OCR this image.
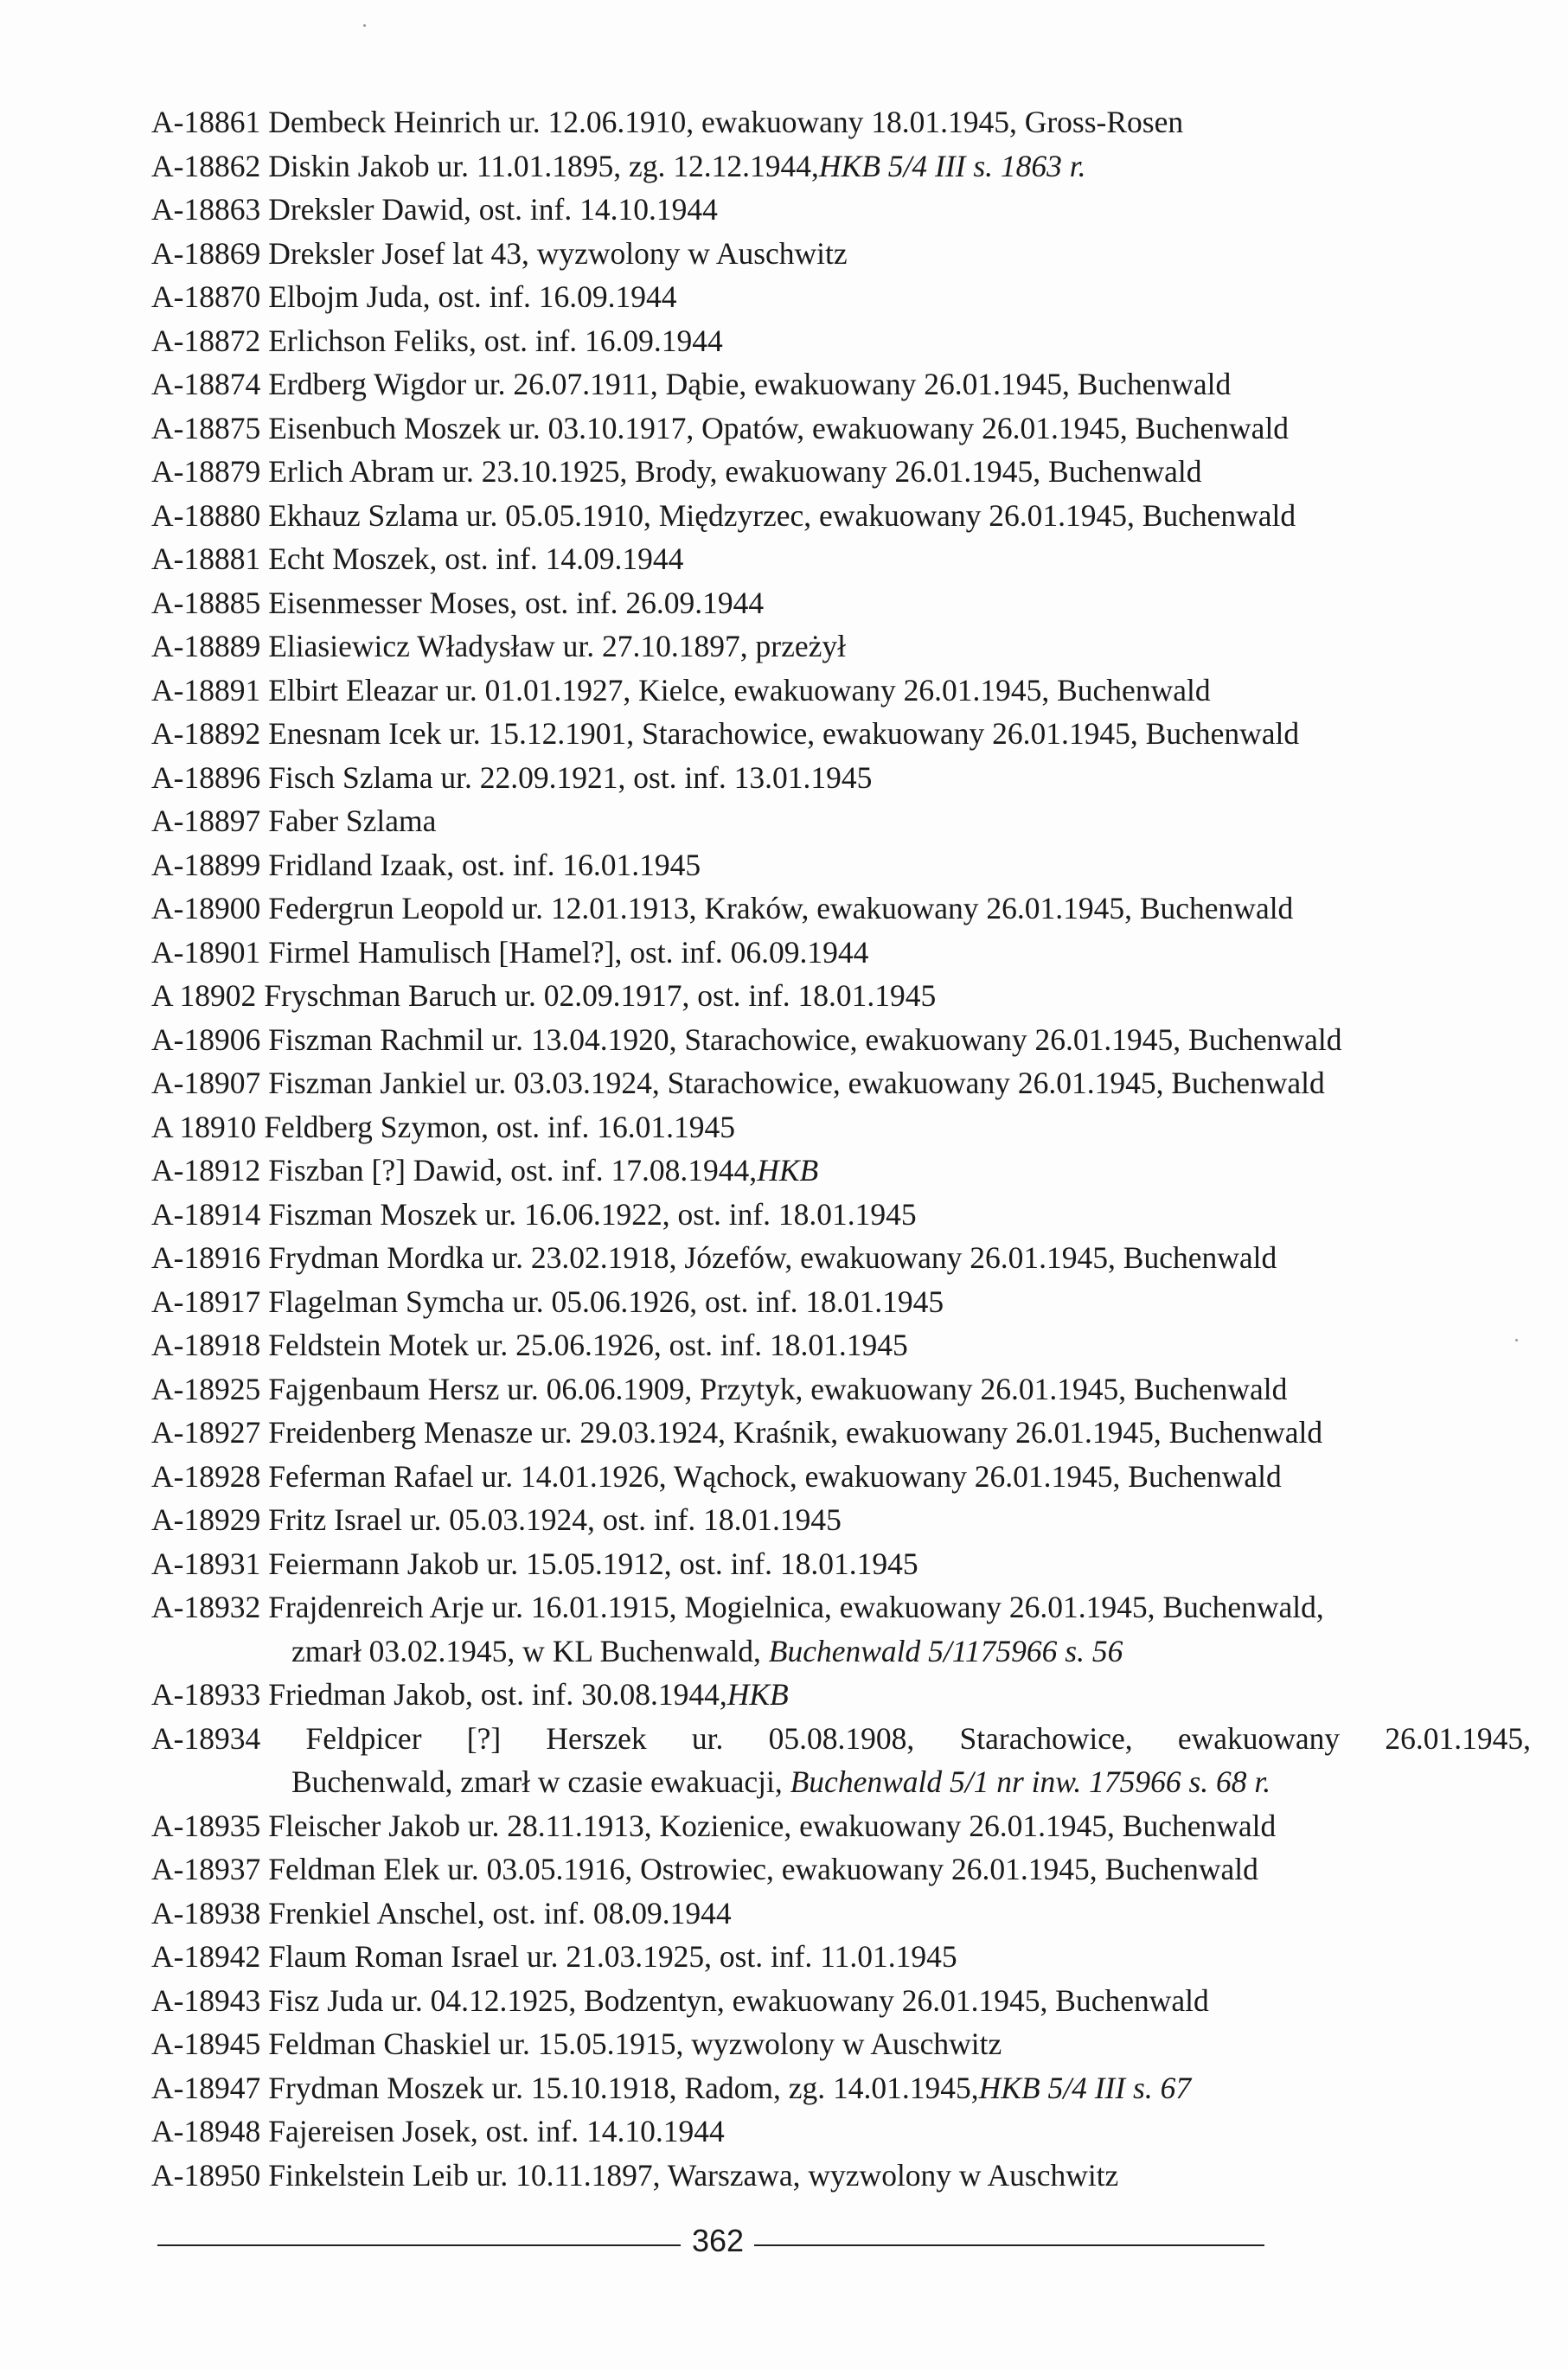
A-18861 Dembeck Heinrich ur. 12.06.1910, ewakuowany 18.01.1945, Gross-Rosen
A-18862 Diskin Jakob ur. 11.01.1895, zg. 12.12.1944, HKB 5/4 III s. 1863 r.
A-18863 Dreksler Dawid, ost. inf. 14.10.1944
A-18869 Dreksler Josef lat 43, wyzwolony w Auschwitz
A-18870 Elbojm Juda, ost. inf. 16.09.1944
A-18872 Erlichson Feliks, ost. inf. 16.09.1944
A-18874 Erdberg Wigdor ur. 26.07.1911, Dąbie, ewakuowany 26.01.1945, Buchenwald
A-18875 Eisenbuch Moszek ur. 03.10.1917, Opatów, ewakuowany 26.01.1945, Buchenwald
A-18879 Erlich Abram ur. 23.10.1925, Brody, ewakuowany 26.01.1945, Buchenwald
A-18880 Ekhauz Szlama ur. 05.05.1910, Międzyrzec, ewakuowany 26.01.1945, Buchenwald
A-18881 Echt Moszek, ost. inf. 14.09.1944
A-18885 Eisenmesser Moses, ost. inf. 26.09.1944
A-18889 Eliasiewicz Władysław ur. 27.10.1897, przeżył
A-18891 Elbirt Eleazar ur. 01.01.1927, Kielce, ewakuowany 26.01.1945, Buchenwald
A-18892 Enesnam Icek ur. 15.12.1901, Starachowice, ewakuowany 26.01.1945, Buchenwald
A-18896 Fisch Szlama ur. 22.09.1921, ost. inf. 13.01.1945
A-18897 Faber Szlama
A-18899 Fridland Izaak, ost. inf. 16.01.1945
A-18900 Federgrun Leopold ur. 12.01.1913, Kraków, ewakuowany 26.01.1945, Buchenwald
A-18901 Firmel Hamulisch [Hamel?], ost. inf. 06.09.1944
A 18902 Fryschman Baruch ur. 02.09.1917, ost. inf. 18.01.1945
A-18906 Fiszman Rachmil ur. 13.04.1920, Starachowice, ewakuowany 26.01.1945, Buchenwald
A-18907 Fiszman Jankiel ur. 03.03.1924, Starachowice, ewakuowany 26.01.1945, Buchenwald
A 18910 Feldberg Szymon, ost. inf. 16.01.1945
A-18912 Fiszban [?] Dawid, ost. inf. 17.08.1944, HKB
A-18914 Fiszman Moszek ur. 16.06.1922, ost. inf. 18.01.1945
A-18916 Frydman Mordka ur. 23.02.1918, Józefów, ewakuowany 26.01.1945, Buchenwald
A-18917 Flagelman Symcha ur. 05.06.1926, ost. inf. 18.01.1945
A-18918 Feldstein Motek ur. 25.06.1926, ost. inf. 18.01.1945
A-18925 Fajgenbaum Hersz ur. 06.06.1909, Przytyk, ewakuowany 26.01.1945, Buchenwald
A-18927 Freidenberg Menasze ur. 29.03.1924, Kraśnik, ewakuowany 26.01.1945, Buchenwald
A-18928 Feferman Rafael ur. 14.01.1926, Wąchock, ewakuowany 26.01.1945, Buchenwald
A-18929 Fritz Israel ur. 05.03.1924, ost. inf. 18.01.1945
A-18931 Feiermann Jakob ur. 15.05.1912, ost. inf. 18.01.1945
A-18932 Frajdenreich Arje ur. 16.01.1915, Mogielnica, ewakuowany 26.01.1945, Buchenwald,
zmarł 03.02.1945, w KL Buchenwald, Buchenwald 5/1175966 s. 56
A-18933 Friedman Jakob, ost. inf. 30.08.1944, HKB
A-18934 Feldpicer [?] Herszek ur. 05.08.1908, Starachowice, ewakuowany 26.01.1945,
Buchenwald, zmarł w czasie ewakuacji, Buchenwald 5/1 nr inw. 175966 s. 68 r.
A-18935 Fleischer Jakob ur. 28.11.1913, Kozienice, ewakuowany 26.01.1945, Buchenwald
A-18937 Feldman Elek ur. 03.05.1916, Ostrowiec, ewakuowany 26.01.1945, Buchenwald
A-18938 Frenkiel Anschel, ost. inf. 08.09.1944
A-18942 Flaum Roman Israel ur. 21.03.1925, ost. inf. 11.01.1945
A-18943 Fisz Juda ur. 04.12.1925, Bodzentyn, ewakuowany 26.01.1945, Buchenwald
A-18945 Feldman Chaskiel ur. 15.05.1915, wyzwolony w Auschwitz
A-18947 Frydman Moszek ur. 15.10.1918, Radom, zg. 14.01.1945, HKB 5/4 III s. 67
A-18948 Fajereisen Josek, ost. inf. 14.10.1944
A-18950 Finkelstein Leib ur. 10.11.1897, Warszawa, wyzwolony w Auschwitz
362
